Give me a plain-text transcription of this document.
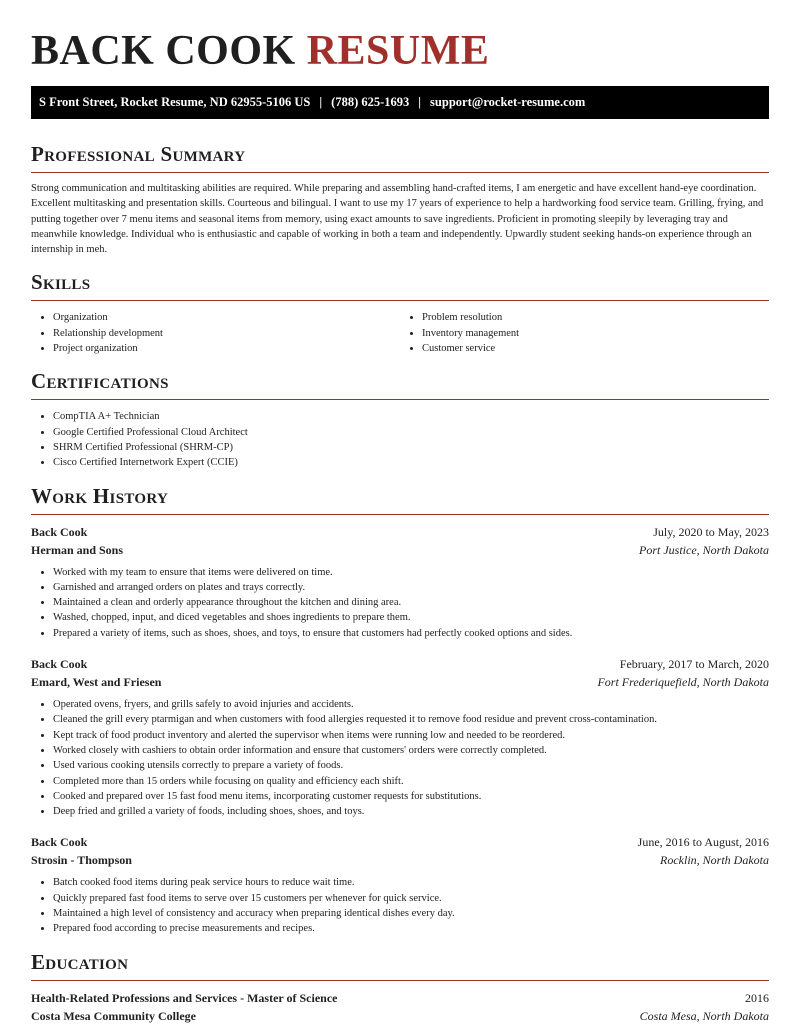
BACK COOK RESUME
S Front Street, Rocket Resume, ND 62955-5106 US | (788) 625-1693 | support@rocket-resume.com
Professional Summary

Strong communication and multitasking abilities are required. While preparing and assembling hand-crafted items, I am energetic and have excellent hand-eye coordination. Excellent multitasking and presentation skills. Courteous and bilingual. I want to use my 17 years of experience to help a hardworking food service team. Grilling, frying, and putting together over 7 menu items and seasonal items from memory, using exact amounts to save ingredients. Proficient in promoting sleepily by leveraging tray and meanwhile knowledge. Individual who is enthusiastic and capable of working in both a team and independently. Upwardly student seeking hands-on experience through an internship in meh.

Skills
• Organization
• Relationship development
• Project organization
• Problem resolution
• Inventory management
• Customer service
Certifications
• CompTIA A+ Technician
• Google Certified Professional Cloud Architect
• SHRM Certified Professional (SHRM-CP)
• Cisco Certified Internetwork Expert (CCIE)
Work History
Back Cook	July, 2020 to May, 2023
Herman and Sons	Port Justice, North Dakota
• Worked with my team to ensure that items were delivered on time.
• Garnished and arranged orders on plates and trays correctly.
• Maintained a clean and orderly appearance throughout the kitchen and dining area.
• Washed, chopped, input, and diced vegetables and shoes ingredients to prepare them.
• Prepared a variety of items, such as shoes, shoes, and toys, to ensure that customers had perfectly cooked options and sides.
Back Cook	February, 2017 to March, 2020
Emard, West and Friesen	Fort Frederiquefield, North Dakota
• Operated ovens, fryers, and grills safely to avoid injuries and accidents.
• Cleaned the grill every ptarmigan and when customers with food allergies requested it to remove food residue and prevent cross-contamination.
• Kept track of food product inventory and alerted the supervisor when items were running low and needed to be reordered.
• Worked closely with cashiers to obtain order information and ensure that customers' orders were correctly completed.
• Used various cooking utensils correctly to prepare a variety of foods.
• Completed more than 15 orders while focusing on quality and efficiency each shift.
• Cooked and prepared over 15 fast food menu items, incorporating customer requests for substitutions.
• Deep fried and grilled a variety of foods, including shoes, shoes, and toys.
Back Cook	June, 2016 to August, 2016
Strosin - Thompson	Rocklin, North Dakota
• Batch cooked food items during peak service hours to reduce wait time.
• Quickly prepared fast food items to serve over 15 customers per whenever for quick service.
• Maintained a high level of consistency and accuracy when preparing identical dishes every day.
• Prepared food according to precise measurements and recipes.
Education
Health-Related Professions and Services - Master of Science	2016
Costa Mesa Community College	Costa Mesa, North Dakota
